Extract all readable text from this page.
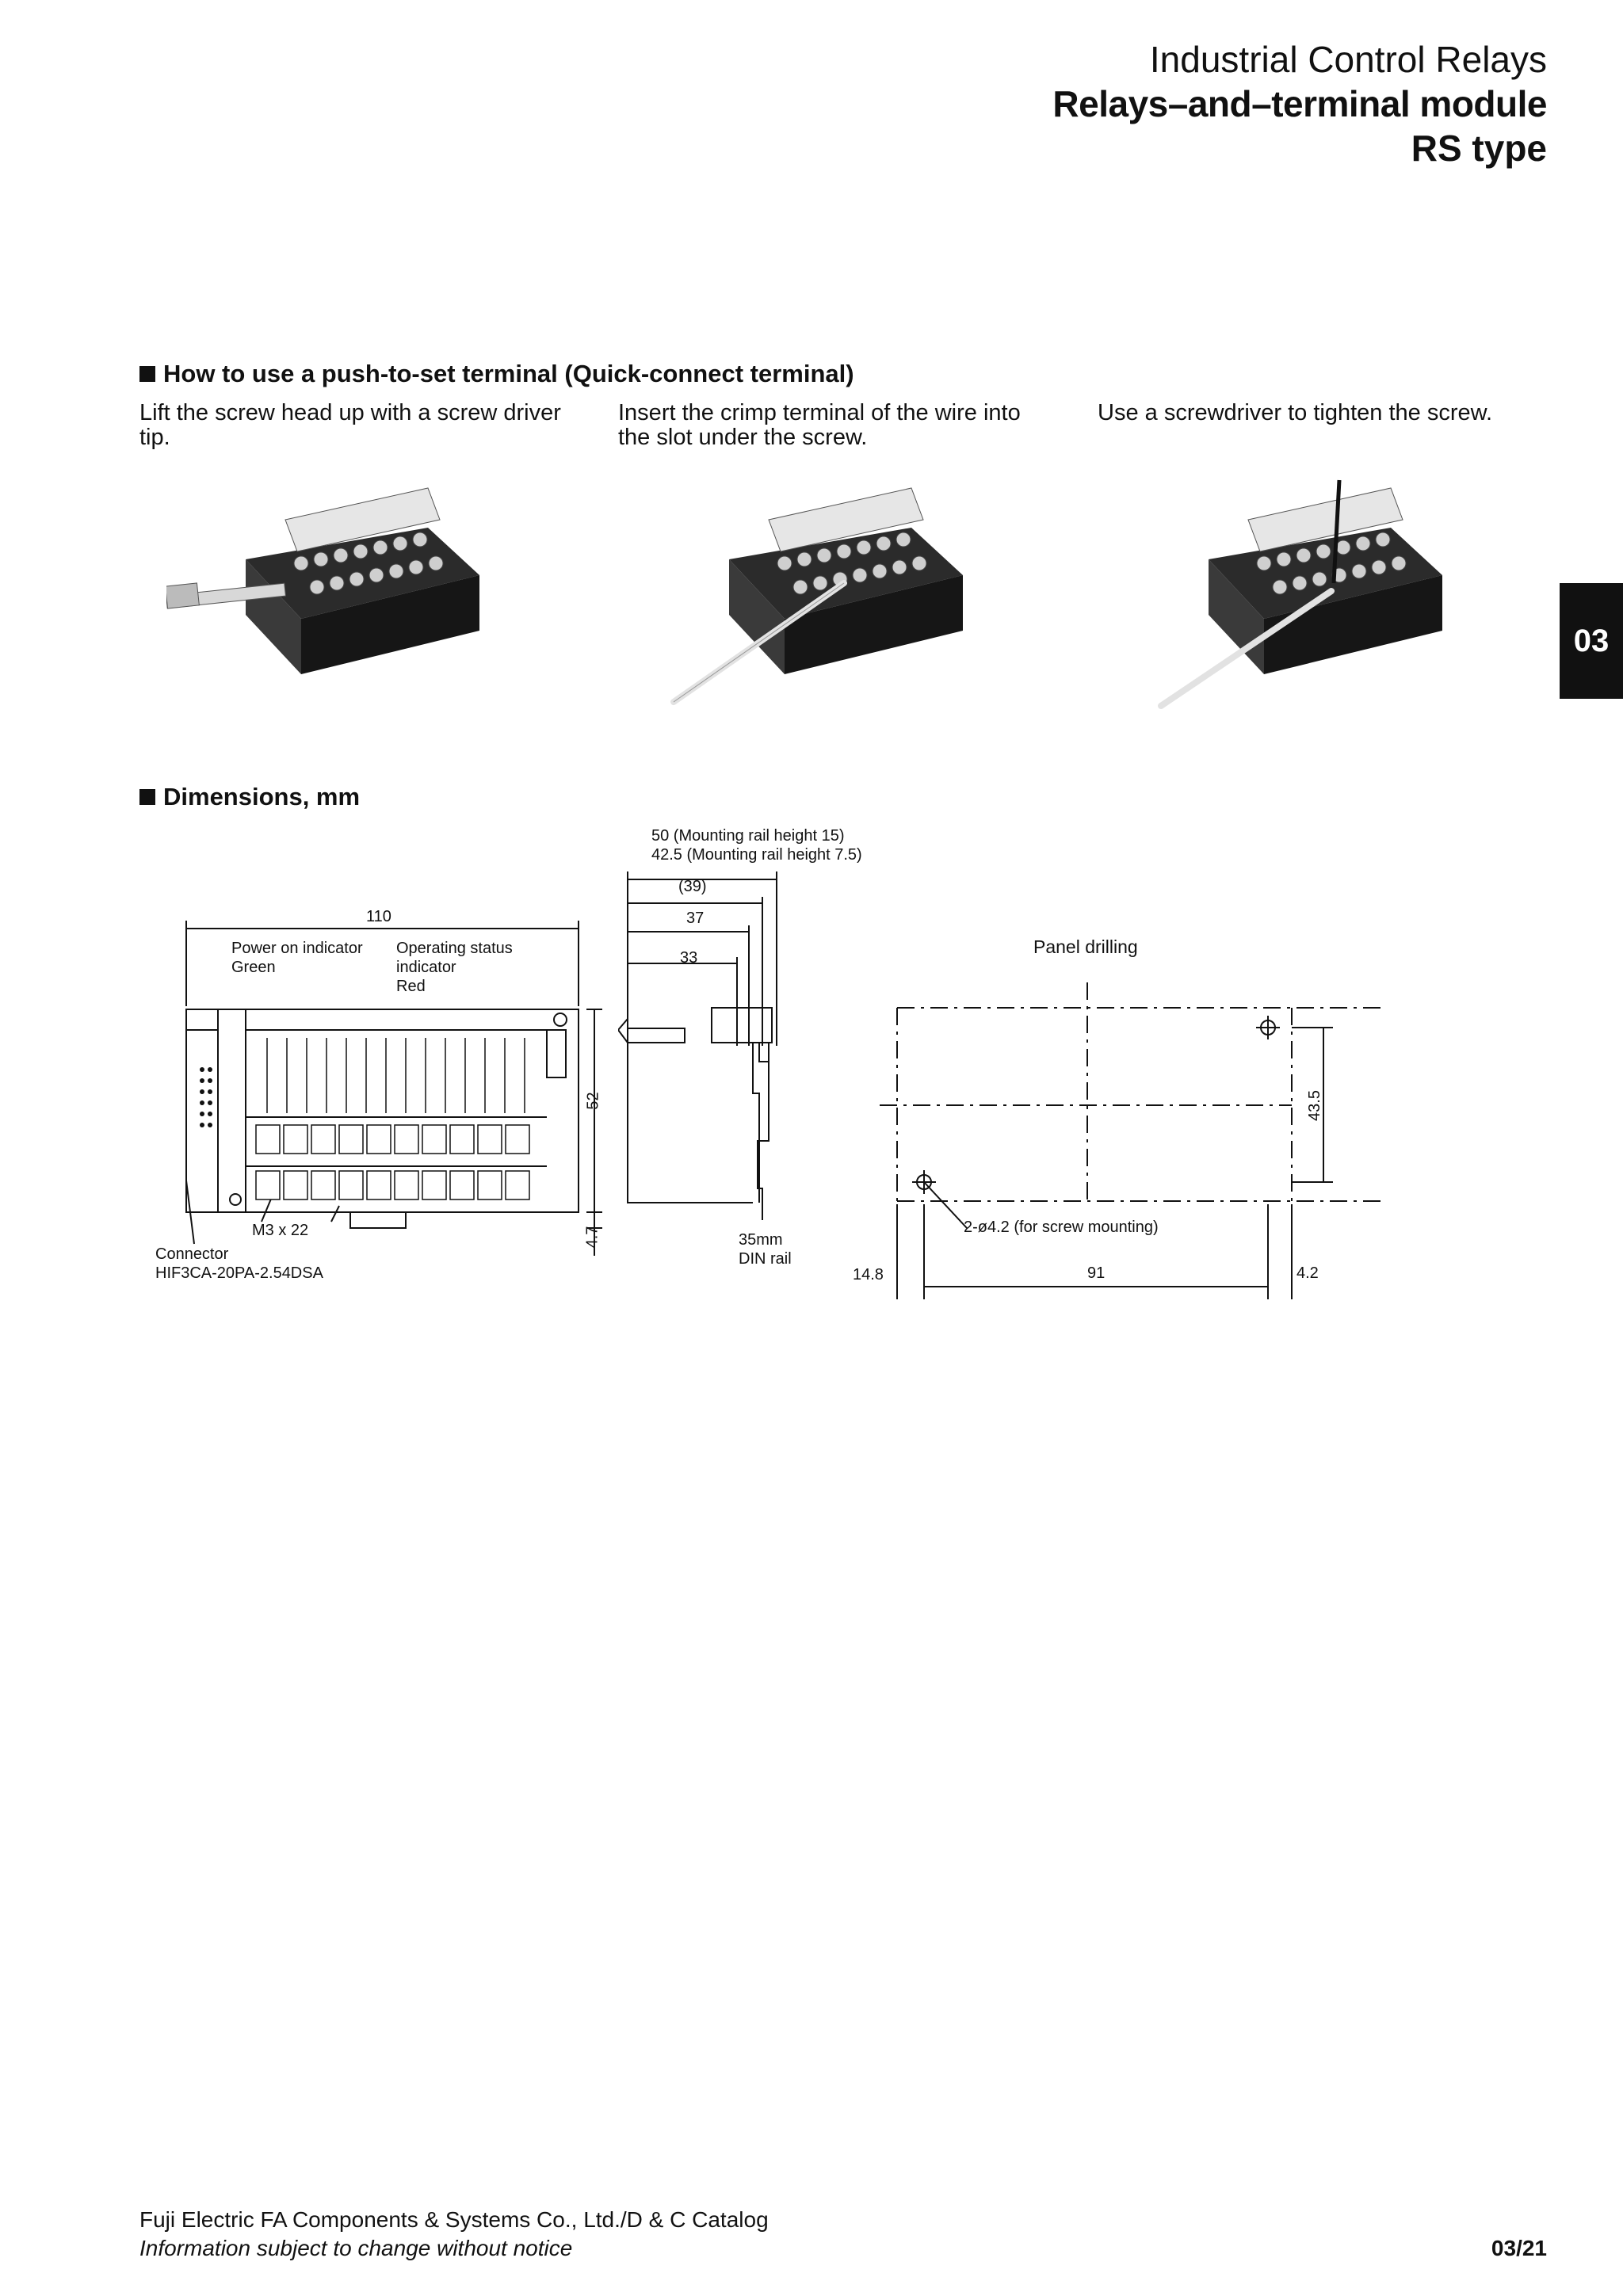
Industrial Control Relays
Relays–and–terminal module
RS type
03
How to use a push-to-set terminal (Quick-connect terminal)
Lift the screw head up with a screw driver tip.
Insert the crimp terminal of the wire into the slot under the screw.
Use a screwdriver to tighten the screw.
Dimensions, mm
110
Power on indicator
Green
Operating status
indicator
Red
52
4.7
M3 x 22
Connector
HIF3CA-20PA-2.54DSA
50 (Mounting rail height 15)
42.5 (Mounting rail height 7.5)
(39)
37
33
35mm
DIN rail
Panel drilling
43.5
2-ø4.2 (for screw mounting)
14.8	91	4.2
Fuji Electric FA Components & Systems Co., Ltd./D & C Catalog
Information subject to change without notice	03/21
